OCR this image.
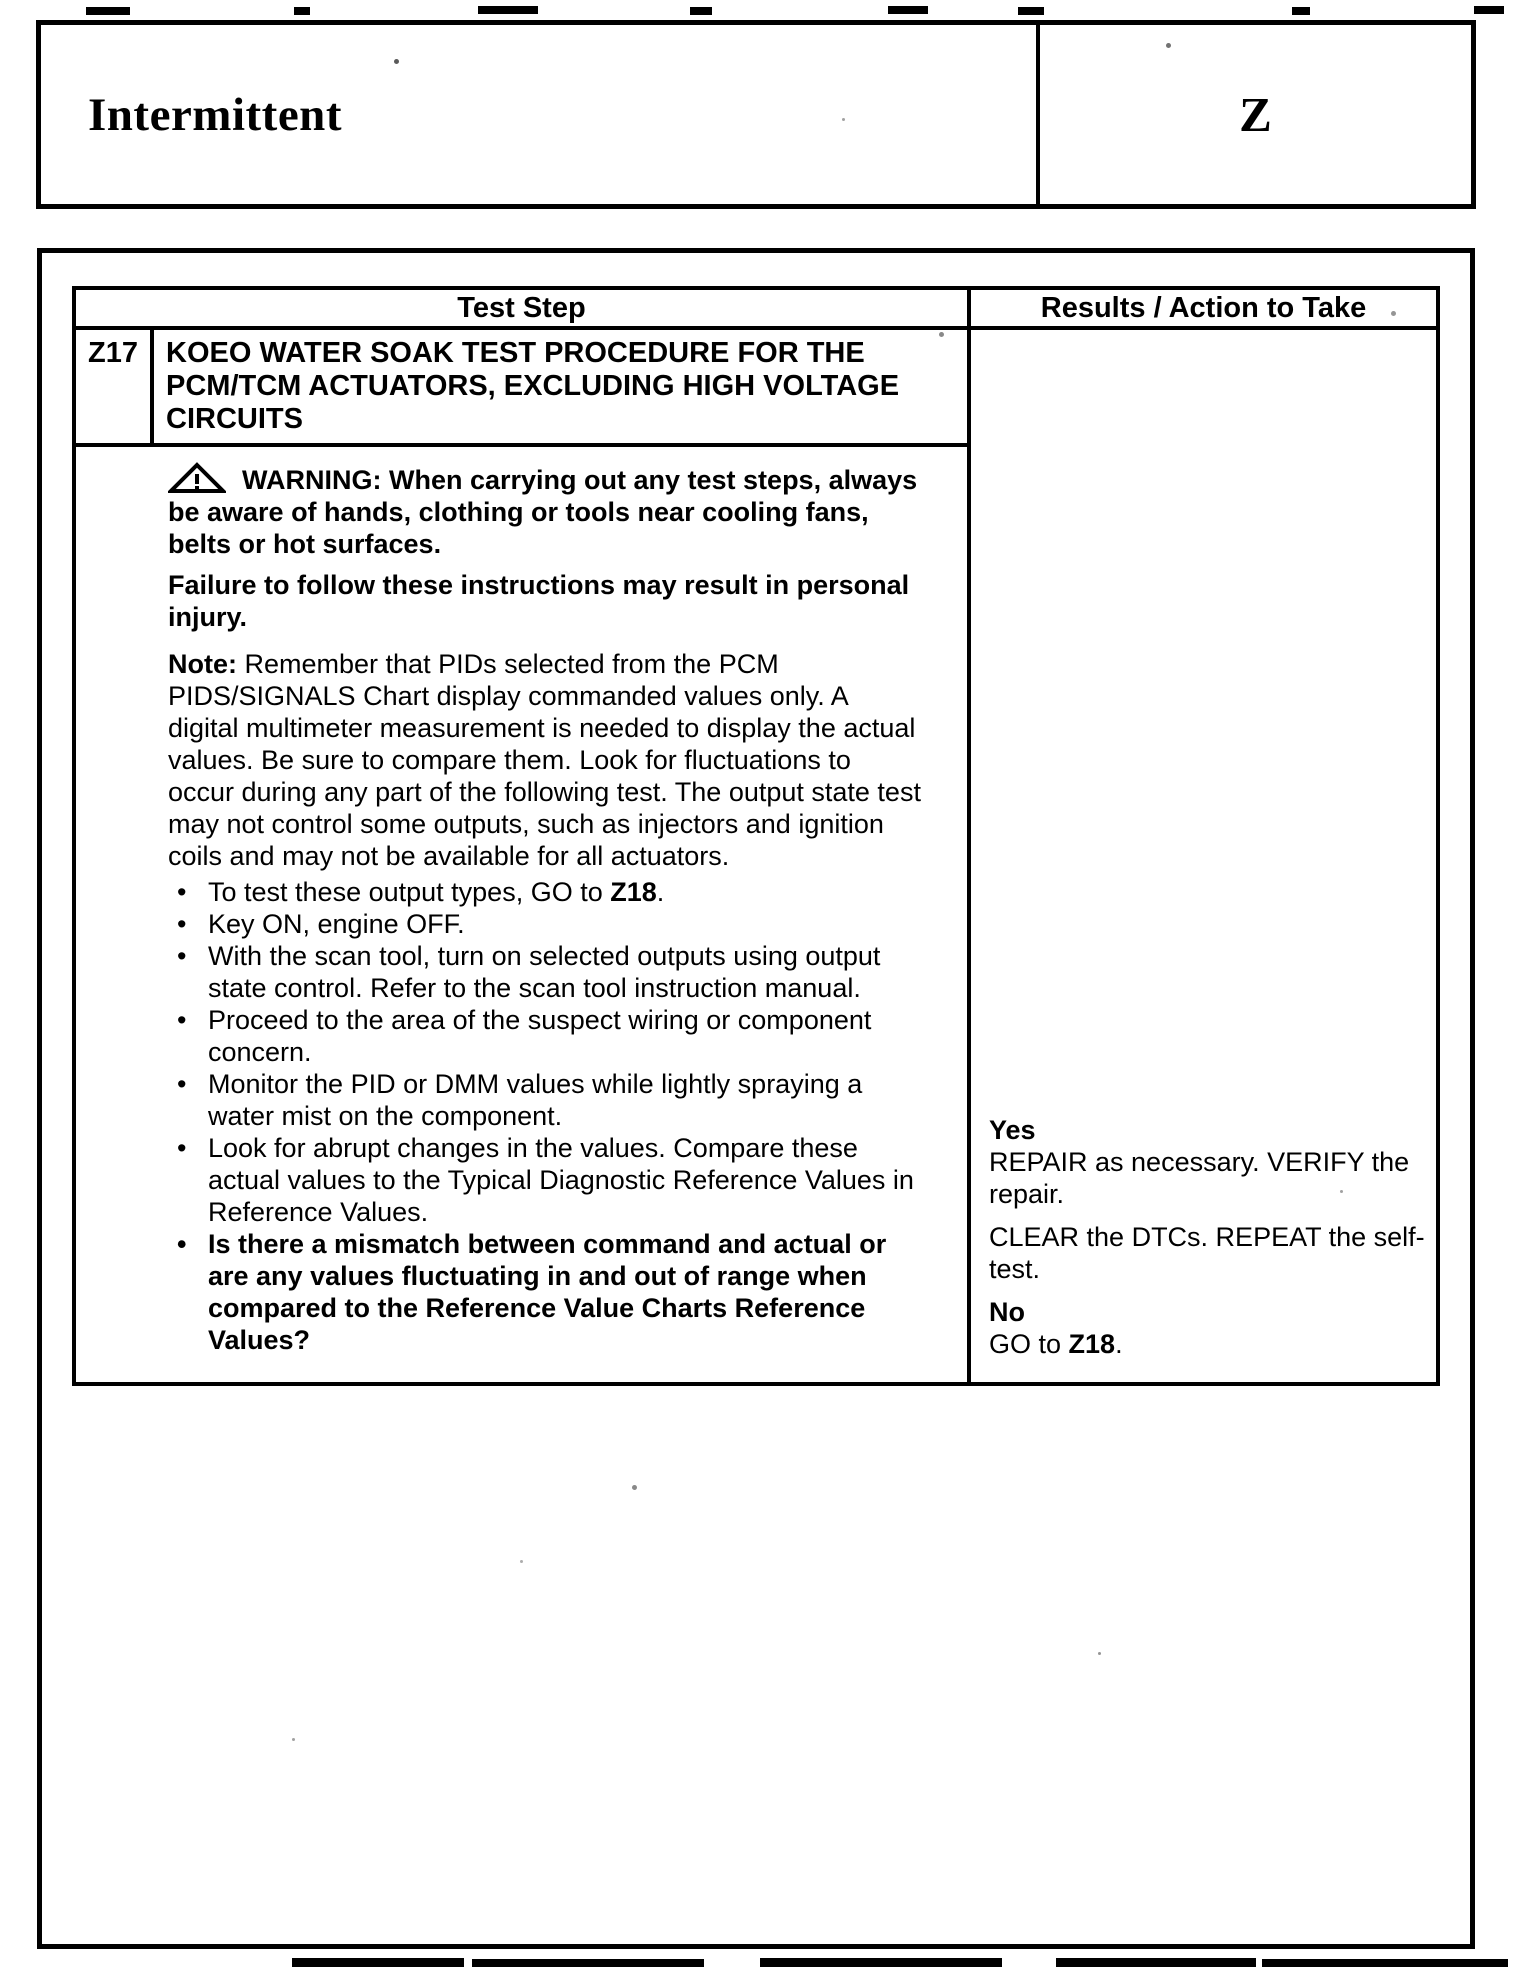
Intermittent	Z
Test Step	Results / Action to Take
Z17 KOEO WATER SOAK TEST PROCEDURE FOR THE PCM/TCM ACTUATORS, EXCLUDING HIGH VOLTAGE CIRCUITS

WARNING: When carrying out any test steps, always be aware of hands, clothing or tools near cooling fans, belts or hot surfaces.

Failure to follow these instructions may result in personal injury.

Note: Remember that PIDs selected from the PCM PIDS/SIGNALS Chart display commanded values only. A digital multimeter measurement is needed to display the actual values. Be sure to compare them. Look for fluctuations to occur during any part of the following test. The output state test may not control some outputs, such as injectors and ignition coils and may not be available for all actuators.

• To test these output types, GO to Z18.
• Key ON, engine OFF.
• With the scan tool, turn on selected outputs using output state control. Refer to the scan tool instruction manual.
• Proceed to the area of the suspect wiring or component concern.
• Monitor the PID or DMM values while lightly spraying a water mist on the component.
• Look for abrupt changes in the values. Compare these actual values to the Typical Diagnostic Reference Values in Reference Values.
• Is there a mismatch between command and actual or are any values fluctuating in and out of range when compared to the Reference Value Charts Reference Values?

Yes

REPAIR as necessary. VERIFY the repair.

CLEAR the DTCs. REPEAT the self-test.

No

GO to Z18.
